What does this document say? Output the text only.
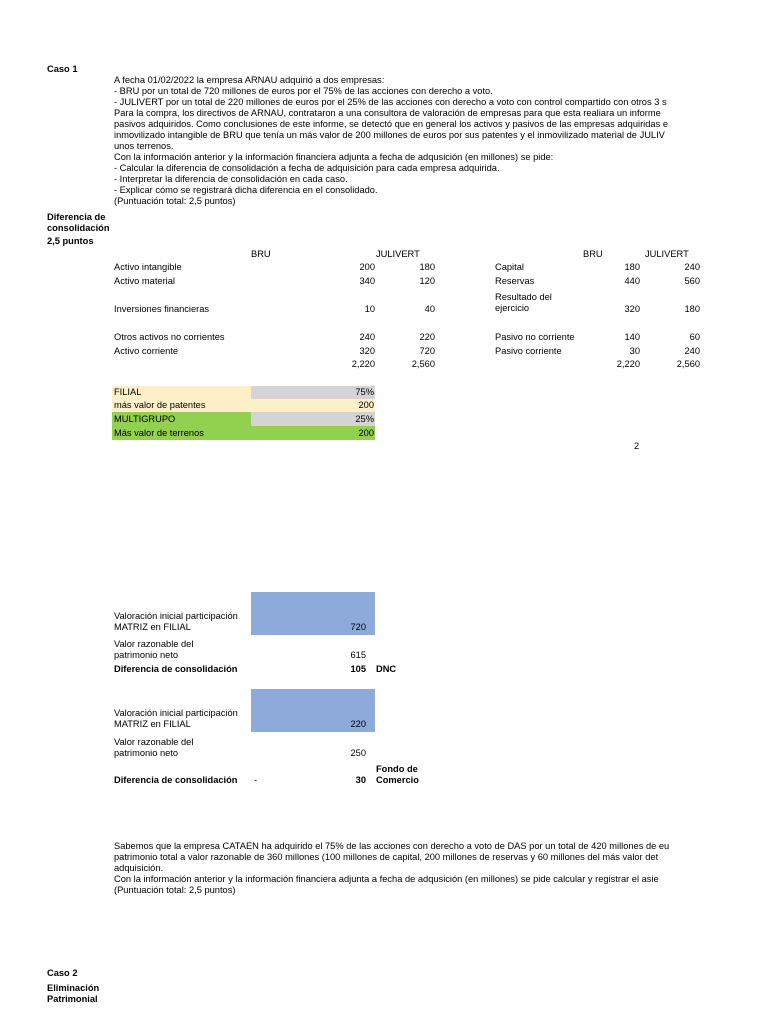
Caso 1
A fecha 01/02/2022 la empresa ARNAU adquirió a dos empresas:
- BRU por un total de 720 millones de euros por el 75% de las acciones con derecho a voto.
- JULIVERT por un total de 220 millones de euros por el 25% de las acciones con derecho a voto con control compartido con otros 3 s
Para la compra, los directivos de ARNAU, contrataron a una consultora de valoración de empresas para que esta realiara un informe
pasivos adquiridos. Como conclusiones de este informe, se detectó que en general los activos y pasivos de las empresas adquiridas e
inmovilizado intangible de BRU que tenía un más valor de 200 millones de euros por sus patentes y el inmovilizado material de JULIV
unos terrenos.
Con la información anterior y la información financiera adjunta a fecha de adqusición (en millones) se pide:
- Calcular la diferencia de consolidación a fecha de adquisición para cada empresa adquirida.
- Interpretar la diferencia de consolidación en cada caso.
- Explicar cómo se registrará dicha diferencia en el consolidado.
(Puntuación total: 2,5 puntos)
Diferencia de
consolidación
2,5 puntos
BRU	JULIVERT
Activo intangible	200	180
Activo material	340	120
Inversiones financieras	10	40
Otros activos no corrientes	240	220
Activo corriente	320	720
2,220	2,560
BRU	JULIVERT
Capital	180	240
Reservas	440	560
Resultado del
ejercicio	320	180
Pasivo no corriente	140	60
Pasivo corriente	30	240
2,220	2,560
FILIAL	75%
más valor de patentes	200
MULTIGRUPO	25%
Más valor de terrenos	200
2
Valoración inicial participación
MATRIZ en FILIAL	720
Valor razonable del
patrimonio neto	615
Diferencia de consolidación	105 DNC
Valoración inicial participación
MATRIZ en FILIAL	220
Valor razonable del
patrimonio neto	250
Fondo de
Comercio
Diferencia de consolidación -	30
Sabemos que la empresa CATAEN ha adquirido el 75% de las acciones con derecho a voto de DAS por un total de 420 millones de eu
patrimonio total a valor razonable de 360 millones (100 millones de capital, 200 millones de reservas y 60 millones del más valor det
adquisición.
Con la información anterior y la información financiera adjunta a fecha de adqusición (en millones) se pide calcular y registrar el asie
(Puntuación total: 2,5 puntos)
Caso 2
Eliminación
Patrimonial
